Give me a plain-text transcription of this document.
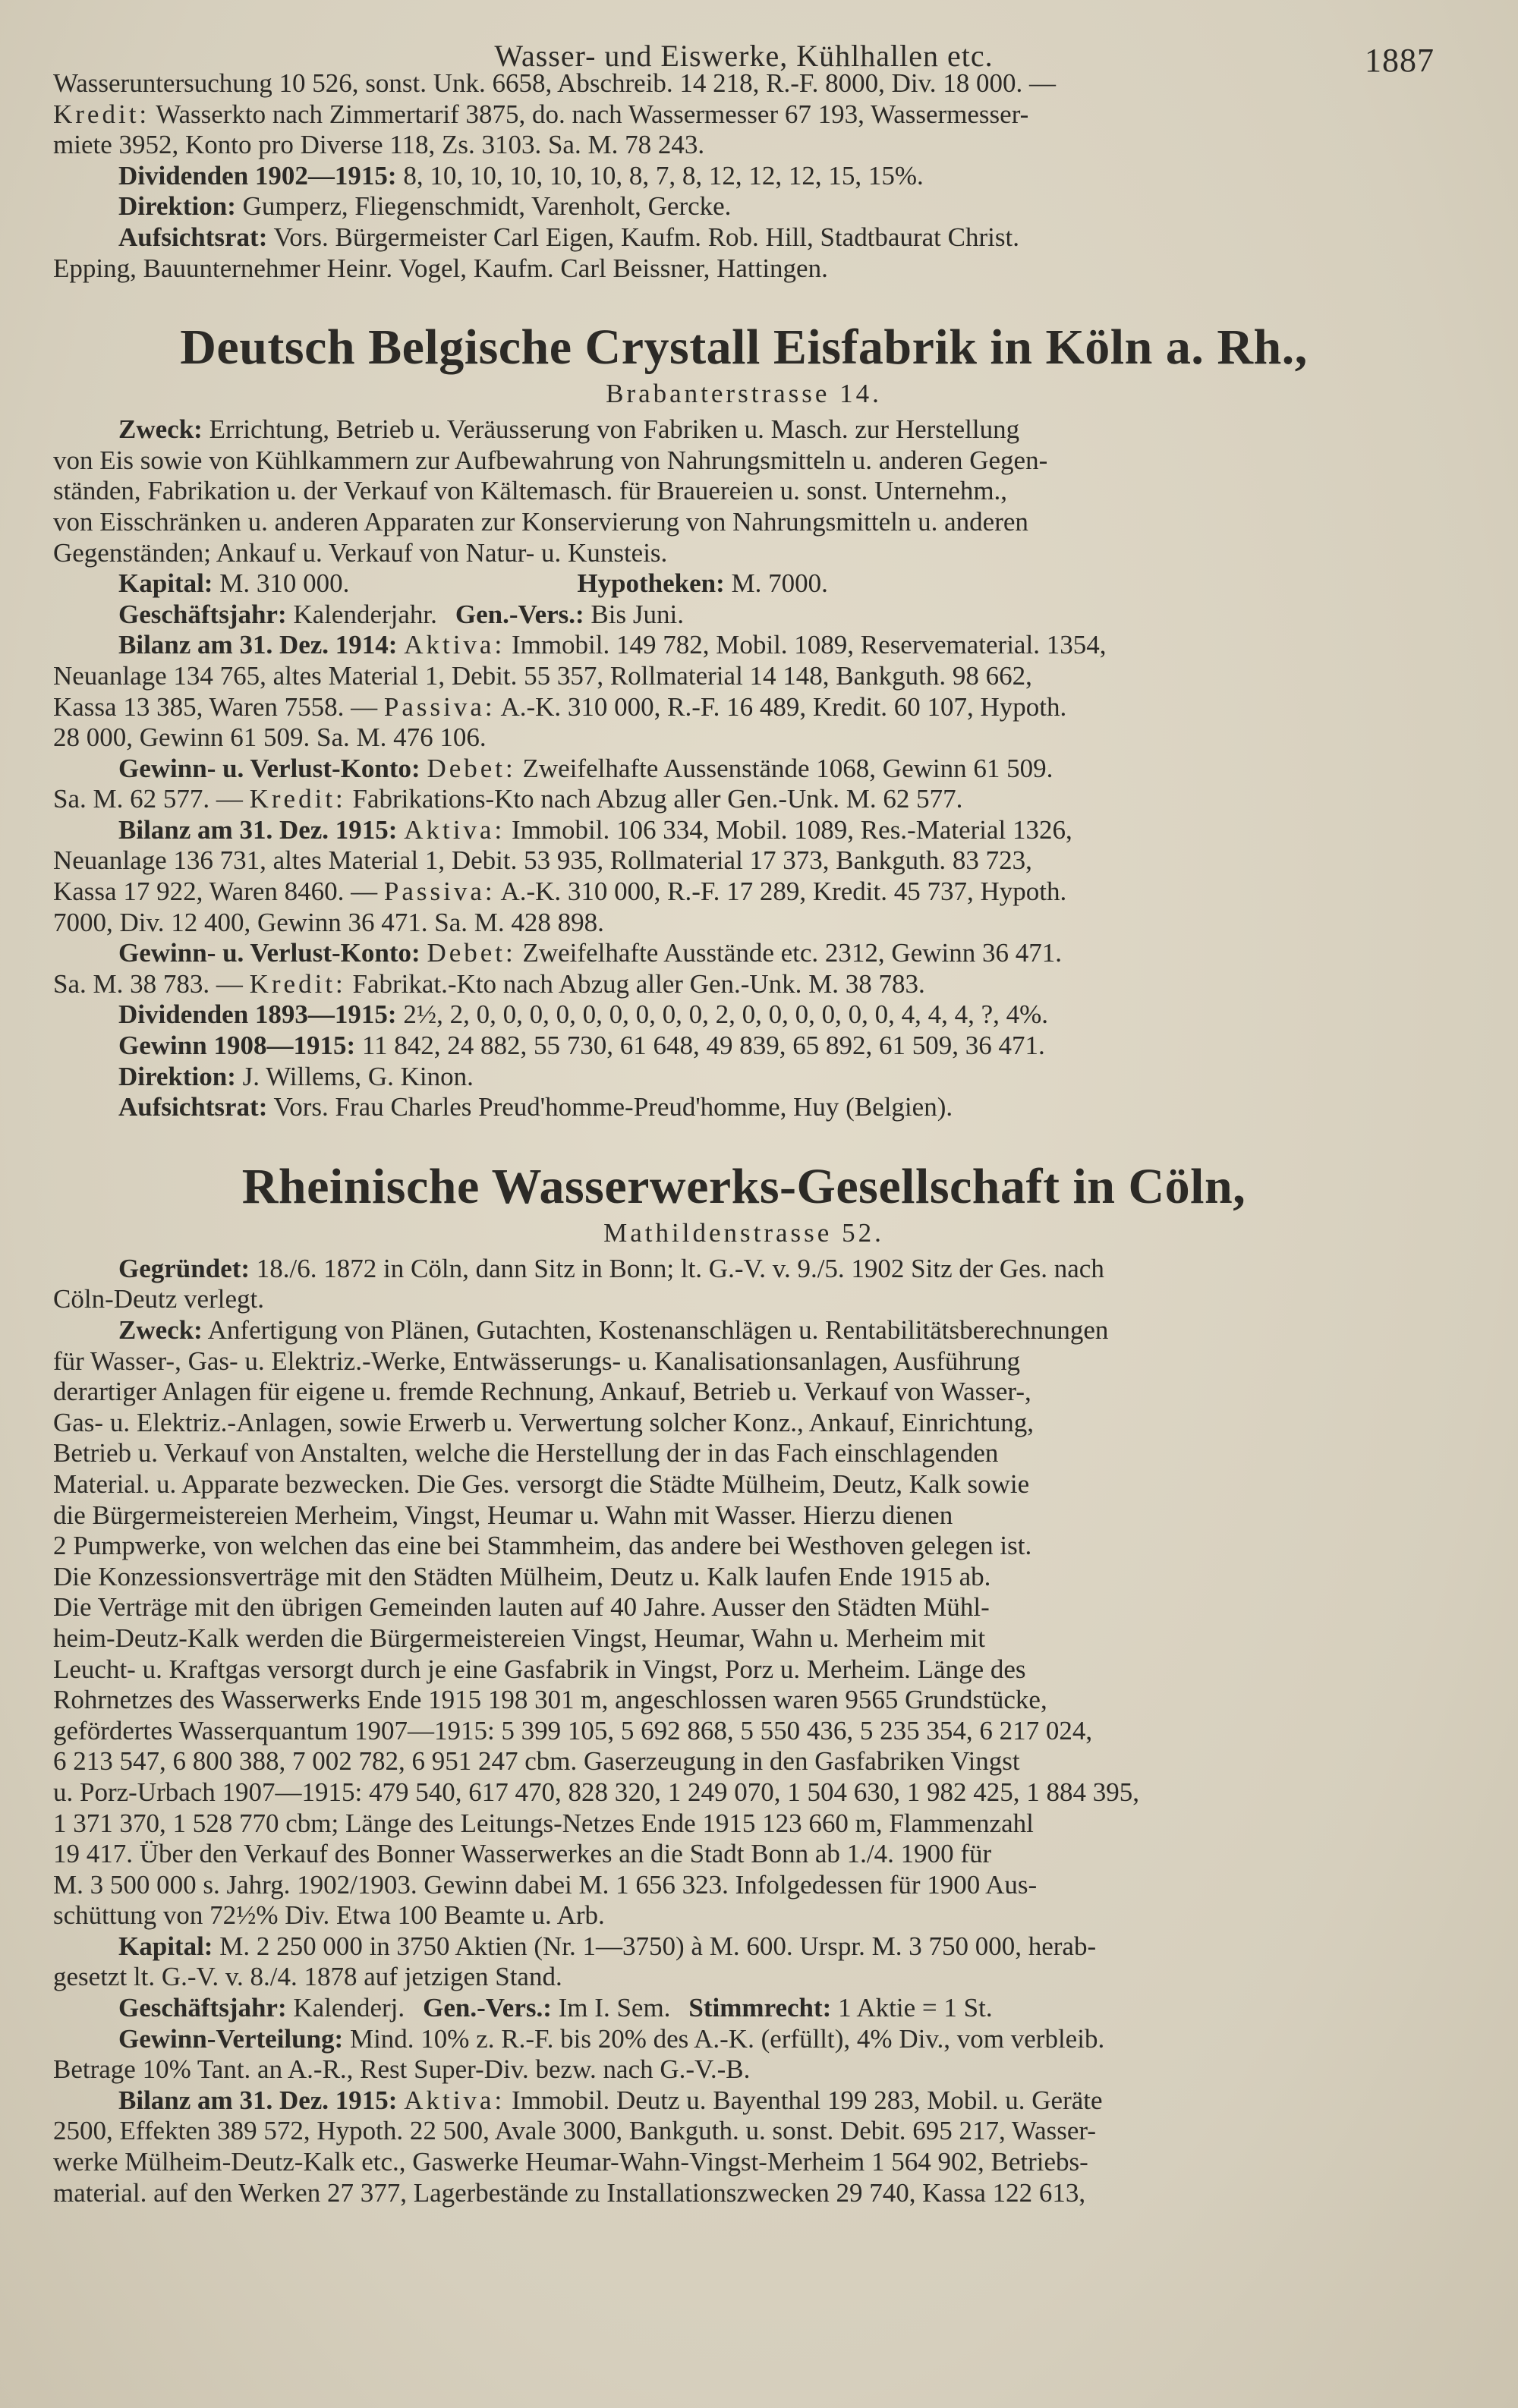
Wasser- und Eiswerke, Kühlhallen etc.	1887

Wasseruntersuchung 10 526, sonst. Unk. 6658, Abschreib. 14 218, R.-F. 8000, Div. 18 000. —

Kredit: Wasserkto nach Zimmertarif 3875, do. nach Wassermesser 67 193, Wassermesser-

miete 3952, Konto pro Diverse 118, Zs. 3103. Sa. M. 78 243.

Dividenden 1902—1915: 8, 10, 10, 10, 10, 10, 8, 7, 8, 12, 12, 12, 15, 15%.

Direktion: Gumperz, Fliegenschmidt, Varenholt, Gercke.

Aufsichtsrat: Vors. Bürgermeister Carl Eigen, Kaufm. Rob. Hill, Stadtbaurat Christ.

Epping, Bauunternehmer Heinr. Vogel, Kaufm. Carl Beissner, Hattingen.

Deutsch Belgische Crystall Eisfabrik in Köln a. Rh.,
Brabanterstrasse 14.

Zweck: Errichtung, Betrieb u. Veräusserung von Fabriken u. Masch. zur Herstellung

von Eis sowie von Kühlkammern zur Aufbewahrung von Nahrungsmitteln u. anderen Gegen-

ständen, Fabrikation u. der Verkauf von Kältemasch. für Brauereien u. sonst. Unternehm.,

von Eisschränken u. anderen Apparaten zur Konservierung von Nahrungsmitteln u. anderen

Gegenständen; Ankauf u. Verkauf von Natur- u. Kunsteis.

Kapital: M. 310 000.	Hypotheken: M. 7000.

Geschäftsjahr: Kalenderjahr. Gen.-Vers.: Bis Juni.

Bilanz am 31. Dez. 1914: Aktiva: Immobil. 149 782, Mobil. 1089, Reservematerial. 1354,

Neuanlage 134 765, altes Material 1, Debit. 55 357, Rollmaterial 14 148, Bankguth. 98 662,

Kassa 13 385, Waren 7558. — Passiva: A.-K. 310 000, R.-F. 16 489, Kredit. 60 107, Hypoth.

28 000, Gewinn 61 509. Sa. M. 476 106.

Gewinn- u. Verlust-Konto: Debet: Zweifelhafte Aussenstände 1068, Gewinn 61 509.

Sa. M. 62 577. — Kredit: Fabrikations-Kto nach Abzug aller Gen.-Unk. M. 62 577.

Bilanz am 31. Dez. 1915: Aktiva: Immobil. 106 334, Mobil. 1089, Res.-Material 1326,

Neuanlage 136 731, altes Material 1, Debit. 53 935, Rollmaterial 17 373, Bankguth. 83 723,

Kassa 17 922, Waren 8460. — Passiva: A.-K. 310 000, R.-F. 17 289, Kredit. 45 737, Hypoth.

7000, Div. 12 400, Gewinn 36 471. Sa. M. 428 898.

Gewinn- u. Verlust-Konto: Debet: Zweifelhafte Ausstände etc. 2312, Gewinn 36 471.

Sa. M. 38 783. — Kredit: Fabrikat.-Kto nach Abzug aller Gen.-Unk. M. 38 783.

Dividenden 1893—1915: 2½, 2, 0, 0, 0, 0, 0, 0, 0, 0, 0, 2, 0, 0, 0, 0, 0, 0, 4, 4, 4, ?, 4%.

Gewinn 1908—1915: 11 842, 24 882, 55 730, 61 648, 49 839, 65 892, 61 509, 36 471.

Direktion: J. Willems, G. Kinon.

Aufsichtsrat: Vors. Frau Charles Preud'homme-Preud'homme, Huy (Belgien).

Rheinische Wasserwerks-Gesellschaft in Cöln,
Mathildenstrasse 52.

Gegründet: 18./6. 1872 in Cöln, dann Sitz in Bonn; lt. G.-V. v. 9./5. 1902 Sitz der Ges. nach

Cöln-Deutz verlegt.

Zweck: Anfertigung von Plänen, Gutachten, Kostenanschlägen u. Rentabilitätsberechnungen

für Wasser-, Gas- u. Elektriz.-Werke, Entwässerungs- u. Kanalisationsanlagen, Ausführung

derartiger Anlagen für eigene u. fremde Rechnung, Ankauf, Betrieb u. Verkauf von Wasser-,

Gas- u. Elektriz.-Anlagen, sowie Erwerb u. Verwertung solcher Konz., Ankauf, Einrichtung,

Betrieb u. Verkauf von Anstalten, welche die Herstellung der in das Fach einschlagenden

Material. u. Apparate bezwecken. Die Ges. versorgt die Städte Mülheim, Deutz, Kalk sowie

die Bürgermeistereien Merheim, Vingst, Heumar u. Wahn mit Wasser. Hierzu dienen

2 Pumpwerke, von welchen das eine bei Stammheim, das andere bei Westhoven gelegen ist.

Die Konzessionsverträge mit den Städten Mülheim, Deutz u. Kalk laufen Ende 1915 ab.

Die Verträge mit den übrigen Gemeinden lauten auf 40 Jahre. Ausser den Städten Mühl-

heim-Deutz-Kalk werden die Bürgermeistereien Vingst, Heumar, Wahn u. Merheim mit

Leucht- u. Kraftgas versorgt durch je eine Gasfabrik in Vingst, Porz u. Merheim. Länge des

Rohrnetzes des Wasserwerks Ende 1915 198 301 m, angeschlossen waren 9565 Grundstücke,

gefördertes Wasserquantum 1907—1915: 5 399 105, 5 692 868, 5 550 436, 5 235 354, 6 217 024,

6 213 547, 6 800 388, 7 002 782, 6 951 247 cbm. Gaserzeugung in den Gasfabriken Vingst

u. Porz-Urbach 1907—1915: 479 540, 617 470, 828 320, 1 249 070, 1 504 630, 1 982 425, 1 884 395,

1 371 370, 1 528 770 cbm; Länge des Leitungs-Netzes Ende 1915 123 660 m, Flammenzahl

19 417. Über den Verkauf des Bonner Wasserwerkes an die Stadt Bonn ab 1./4. 1900 für

M. 3 500 000 s. Jahrg. 1902/1903. Gewinn dabei M. 1 656 323. Infolgedessen für 1900 Aus-

schüttung von 72½% Div. Etwa 100 Beamte u. Arb.

Kapital: M. 2 250 000 in 3750 Aktien (Nr. 1—3750) à M. 600. Urspr. M. 3 750 000, herab-

gesetzt lt. G.-V. v. 8./4. 1878 auf jetzigen Stand.

Geschäftsjahr: Kalenderj. Gen.-Vers.: Im I. Sem. Stimmrecht: 1 Aktie = 1 St.

Gewinn-Verteilung: Mind. 10% z. R.-F. bis 20% des A.-K. (erfüllt), 4% Div., vom verbleib.

Betrage 10% Tant. an A.-R., Rest Super-Div. bezw. nach G.-V.-B.

Bilanz am 31. Dez. 1915: Aktiva: Immobil. Deutz u. Bayenthal 199 283, Mobil. u. Geräte

2500, Effekten 389 572, Hypoth. 22 500, Avale 3000, Bankguth. u. sonst. Debit. 695 217, Wasser-

werke Mülheim-Deutz-Kalk etc., Gaswerke Heumar-Wahn-Vingst-Merheim 1 564 902, Betriebs-

material. auf den Werken 27 377, Lagerbestände zu Installationszwecken 29 740, Kassa 122 613,
